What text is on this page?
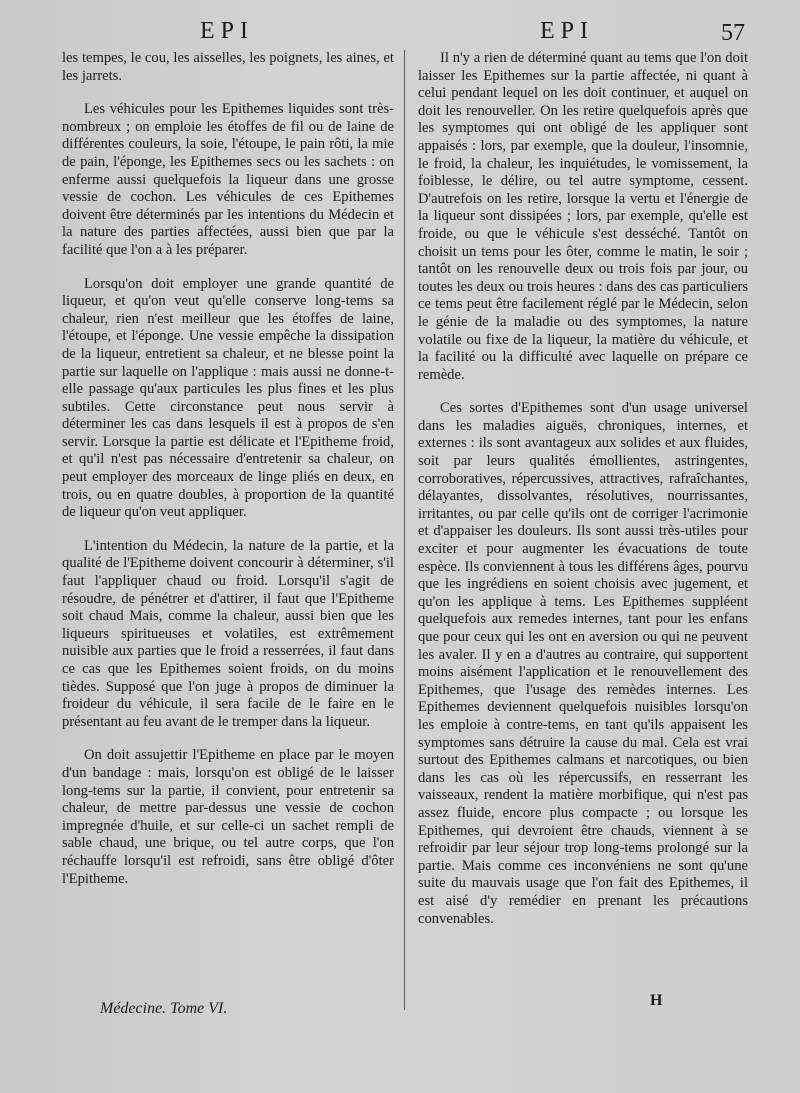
EPI	EPI	57

les tempes, le cou, les aisselles, les poignets, les aines, et les jarrets.

Les véhicules pour les Epithemes liquides sont très-nombreux ; on emploie les étoffes de fil ou de laine de différentes couleurs, la soie, l'étoupe, le pain rôti, la mie de pain, l'éponge, les Epithemes secs ou les sachets : on enferme aussi quelquefois la liqueur dans une grosse vessie de cochon. Les véhicules de ces Epithemes doivent être déterminés par les intentions du Médecin et la nature des parties affectées, aussi bien que par la facilité que l'on a à les préparer.

Lorsqu'on doit employer une grande quantité de liqueur, et qu'on veut qu'elle conserve long-tems sa chaleur, rien n'est meilleur que les étoffes de laine, l'étoupe, et l'éponge. Une vessie empêche la dissipation de la liqueur, entretient sa chaleur, et ne blesse point la partie sur laquelle on l'applique : mais aussi ne donne-t-elle passage qu'aux particules les plus fines et les plus subtiles. Cette circonstance peut nous servir à déterminer les cas dans lesquels il est à propos de s'en servir. Lorsque la partie est délicate et l'Epitheme froid, et qu'il n'est pas nécessaire d'entretenir sa chaleur, on peut employer des morceaux de linge pliés en deux, en trois, ou en quatre doubles, à proportion de la quantité de liqueur qu'on veut appliquer.

L'intention du Médecin, la nature de la partie, et la qualité de l'Epitheme doivent concourir à déterminer, s'il faut l'appliquer chaud ou froid. Lorsqu'il s'agit de résoudre, de pénétrer et d'attirer, il faut que l'Epitheme soit chaud Mais, comme la chaleur, aussi bien que les liqueurs spiritueuses et volatiles, est extrêmement nuisible aux parties que le froid a resserrées, il faut dans ce cas que les Epithemes soient froids, on du moins tièdes. Supposé que l'on juge à propos de diminuer la froideur du véhicule, il sera facile de le faire en le présentant au feu avant de le tremper dans la liqueur.

On doit assujettir l'Epitheme en place par le moyen d'un bandage : mais, lorsqu'on est obligé de le laisser long-tems sur la partie, il convient, pour entretenir sa chaleur, de mettre par-dessus une vessie de cochon impregnée d'huile, et sur celle-ci un sachet rempli de sable chaud, une brique, ou tel autre corps, que l'on réchauffe lorsqu'il est refroidi, sans être obligé d'ôter l'Epitheme.

Il n'y a rien de déterminé quant au tems que l'on doit laisser les Epithemes sur la partie affectée, ni quant à celui pendant lequel on les doit continuer, et auquel on doit les renouveller. On les retire quelquefois après que les symptomes qui ont obligé de les appliquer sont appaisés : lors, par exemple, que la douleur, l'insomnie, le froid, la chaleur, les inquiétudes, le vomissement, la foiblesse, le délire, ou tel autre symptome, cessent. D'autrefois on les retire, lorsque la vertu et l'énergie de la liqueur sont dissipées ; lors, par exemple, qu'elle est froide, ou que le véhicule s'est desséché. Tantôt on choisit un tems pour les ôter, comme le matin, le soir ; tantôt on les renouvelle deux ou trois fois par jour, ou toutes les deux ou trois heures : dans des cas particuliers ce tems peut être facilement réglé par le Médecin, selon le génie de la maladie ou des symptomes, la nature volatile ou fixe de la liqueur, la matière du véhicule, et la facilité ou la difficulté avec laquelle on prépare ce remède.

Ces sortes d'Epithemes sont d'un usage universel dans les maladies aiguës, chroniques, internes, et externes : ils sont avantageux aux solides et aux fluides, soit par leurs qualités émollientes, astringentes, corroboratives, répercussives, attractives, rafraîchantes, délayantes, dissolvantes, résolutives, nourrissantes, irritantes, ou par celle qu'ils ont de corriger l'acrimonie et d'appaiser les douleurs. Ils sont aussi très-utiles pour exciter et pour augmenter les évacuations de toute espèce. Ils conviennent à tous les différens âges, pourvu que les ingrédiens en soient choisis avec jugement, et qu'on les applique à tems. Les Epithemes suppléent quelquefois aux remedes internes, tant pour les enfans que pour ceux qui les ont en aversion ou qui ne peuvent les avaler. Il y en a d'autres au contraire, qui supportent moins aisément l'application et le renouvellement des Epithemes, que l'usage des remèdes internes. Les Epithemes deviennent quelquefois nuisibles lorsqu'on les emploie à contre-tems, en tant qu'ils appaisent les symptomes sans détruire la cause du mal. Cela est vrai surtout des Epithemes calmans et narcotiques, ou bien dans les cas où les répercussifs, en resserrant les vaisseaux, rendent la matière morbifique, qui n'est pas assez fluide, encore plus compacte ; ou lorsque les Epithemes, qui devroient être chauds, viennent à se refroidir par leur séjour trop long-tems prolongé sur la partie. Mais comme ces inconvéniens ne sont qu'une suite du mauvais usage que l'on fait des Epithemes, il est aisé d'y remédier en prenant les précautions convenables.

Médecine. Tome VI.	H
